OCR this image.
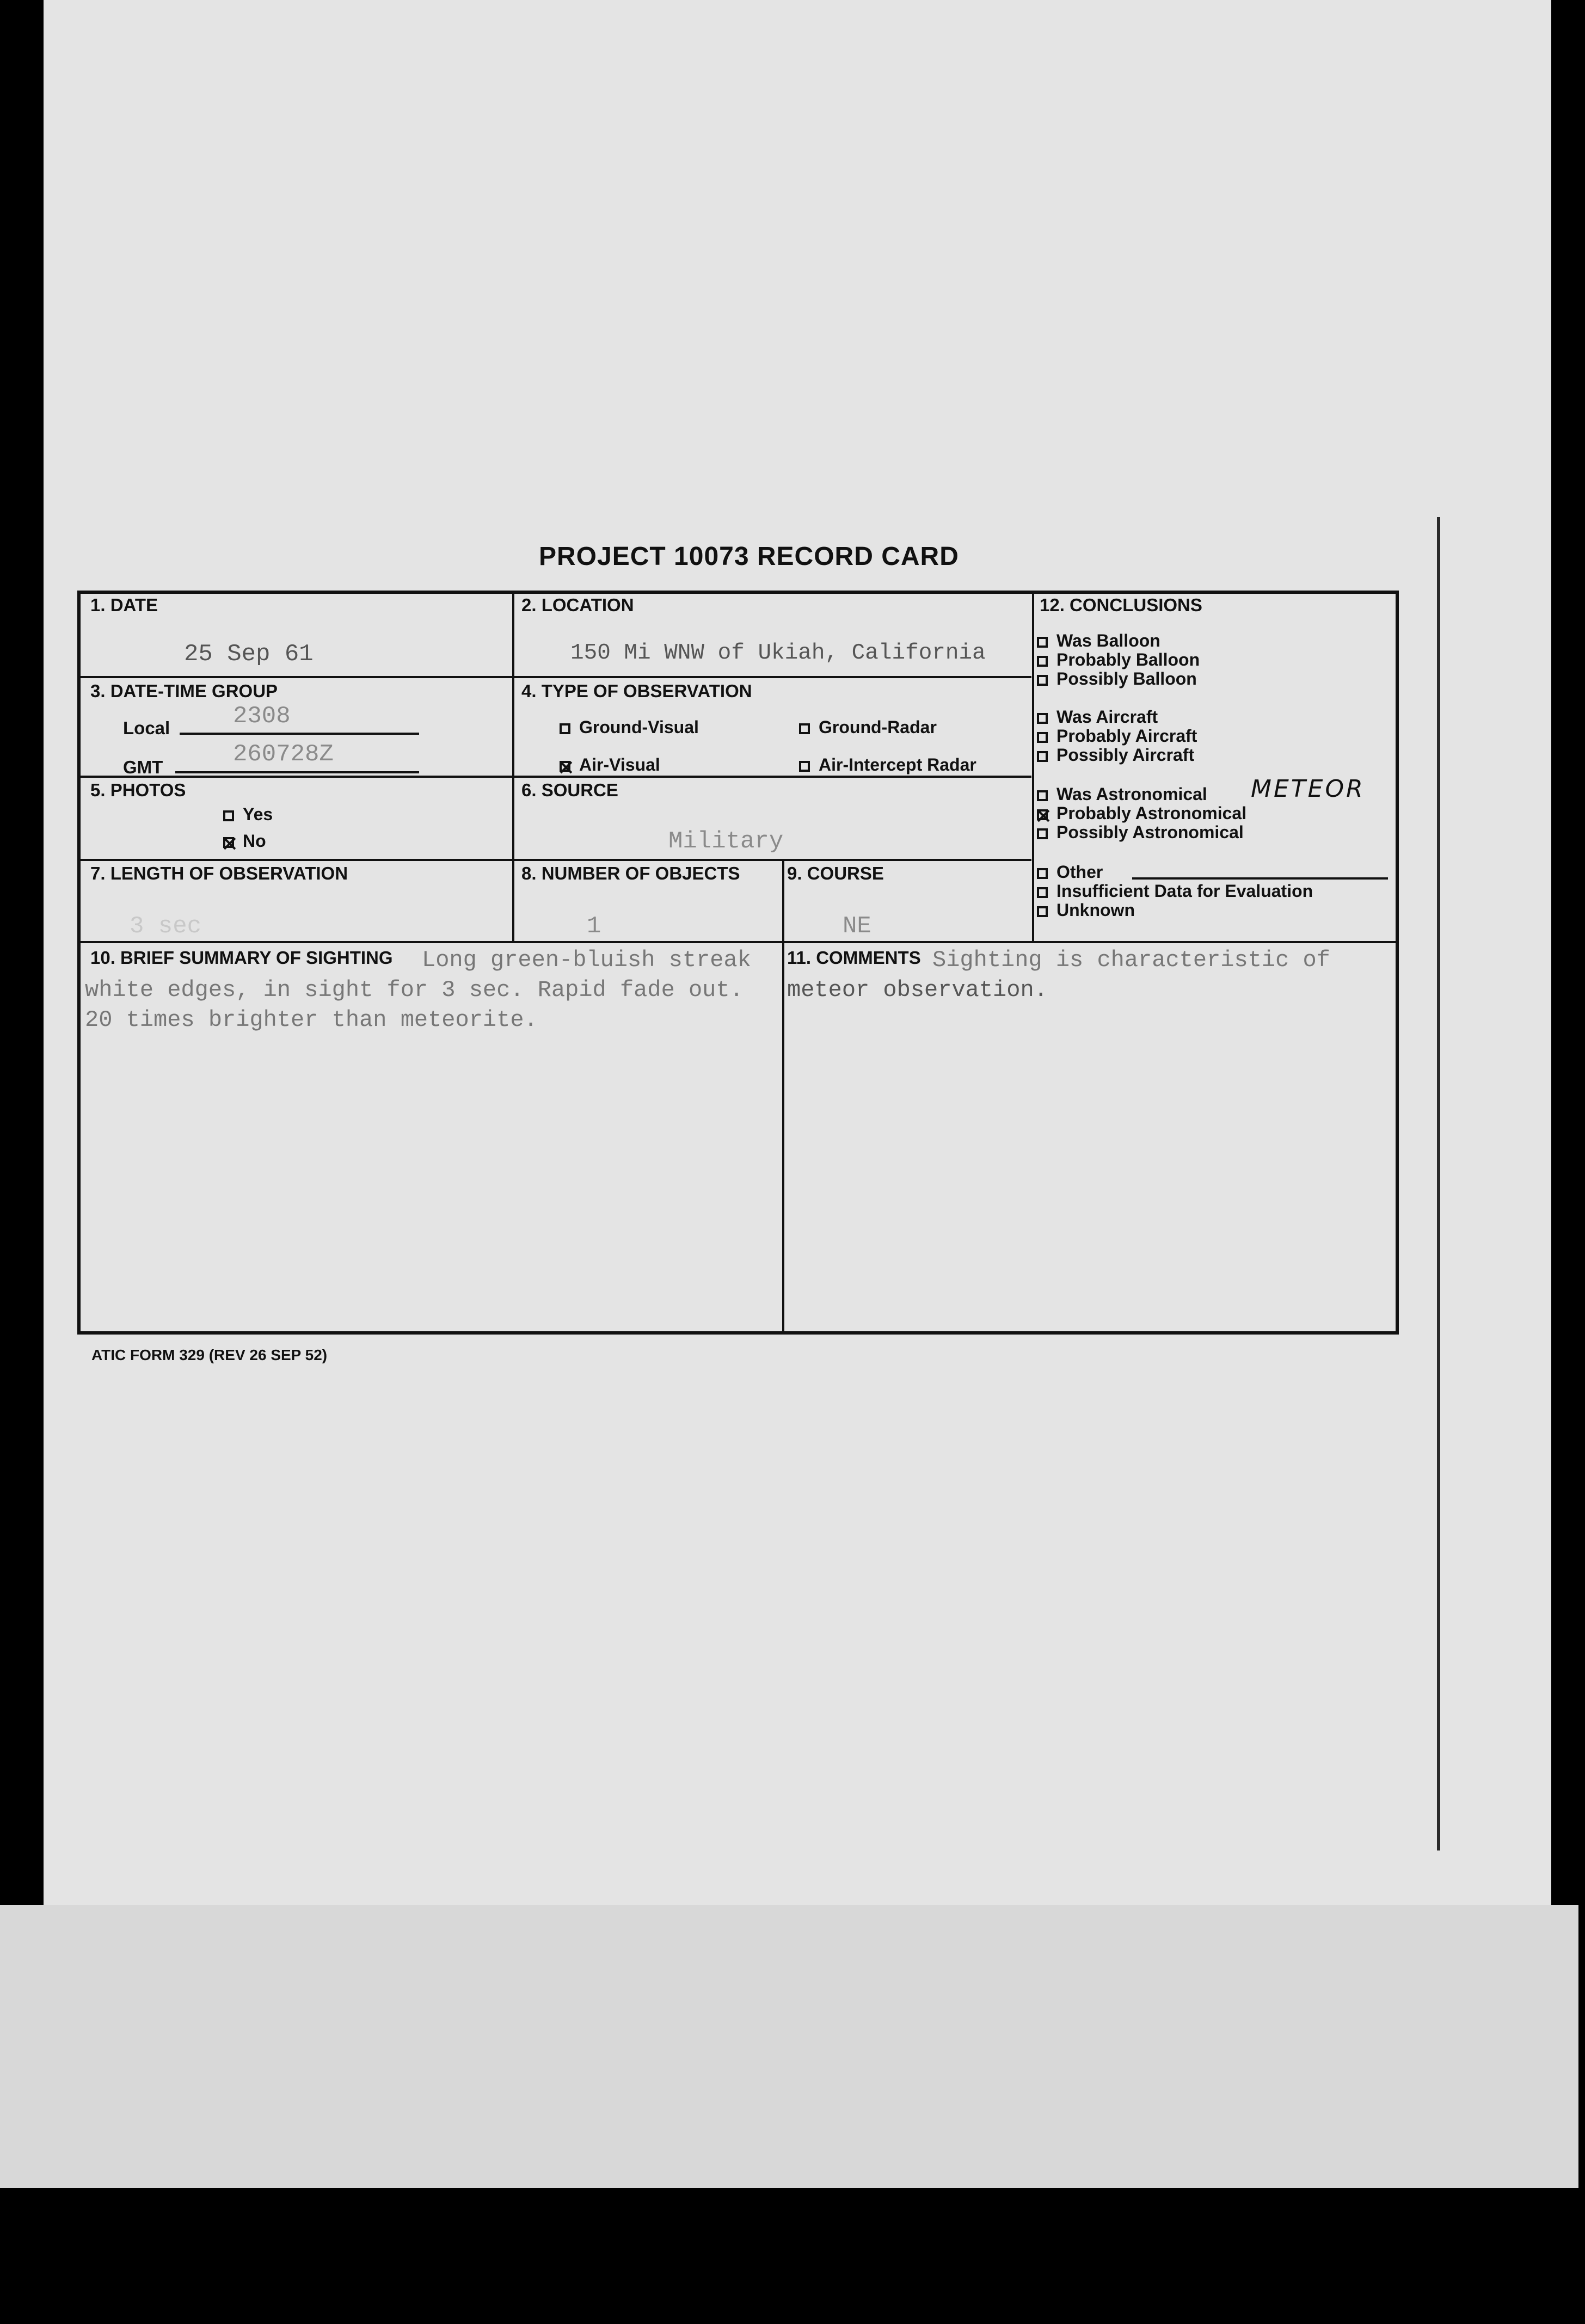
PROJECT 10073 RECORD CARD
1. DATE
25 Sep 61
2. LOCATION
150 Mi WNW of Ukiah, California
3. DATE-TIME GROUP
Local	2308
GMT	260728Z
4. TYPE OF OBSERVATION
Ground-Visual	Ground-Radar
Air-Visual	Air-Intercept Radar
5. PHOTOS
Yes
No
6. SOURCE
Military
7. LENGTH OF OBSERVATION
3 sec
8. NUMBER OF OBJECTS
1
9. COURSE
NE
10. BRIEF SUMMARY OF SIGHTING Long green-bluish streak
white edges, in sight for 3 sec. Rapid fade out.
20 times brighter than meteorite.
11. COMMENTS Sighting is characteristic of
meteor observation.
12. CONCLUSIONS
Was Balloon
Probably Balloon
Possibly Balloon
Was Aircraft
Probably Aircraft
Possibly Aircraft
Was Astronomical METEOR
Probably Astronomical
Possibly Astronomical
Other
Insufficient Data for Evaluation
Unknown
ATIC FORM 329 (REV 26 SEP 52)
